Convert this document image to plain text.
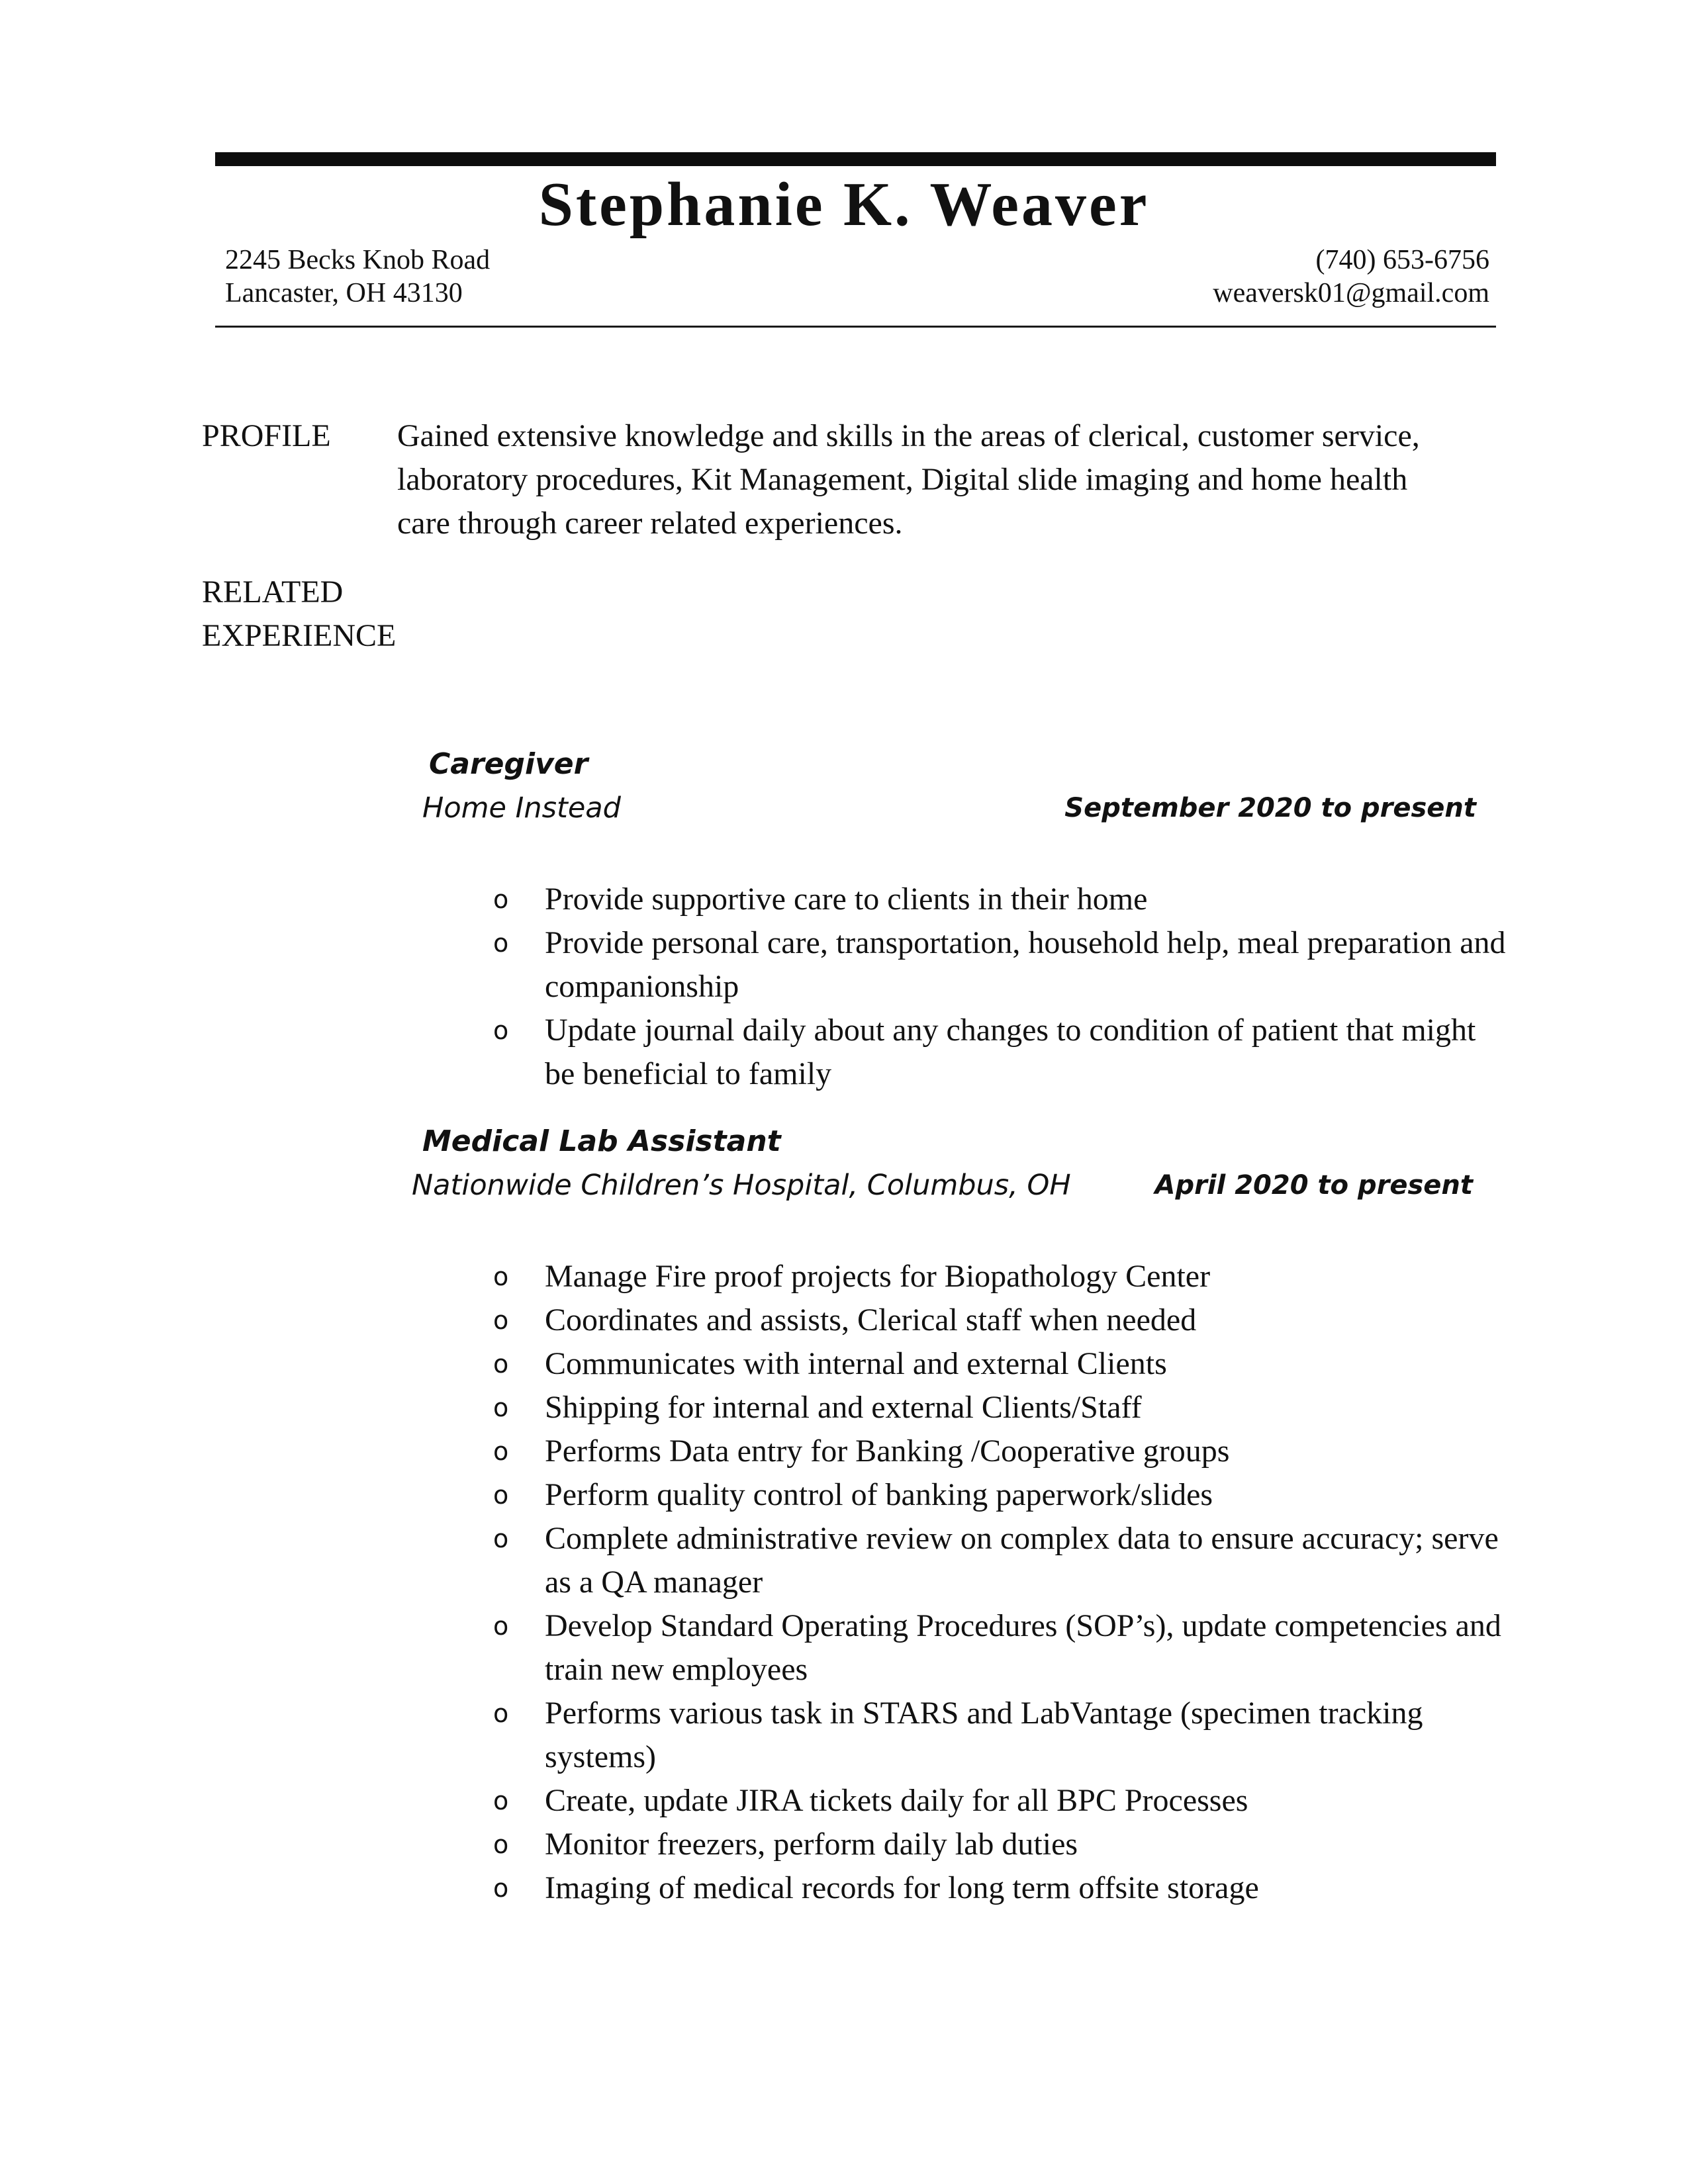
Stephanie K. Weaver
2245 Becks Knob Road
Lancaster, OH 43130
(740) 653-6756
weaversk01@gmail.com
PROFILE Gained extensive knowledge and skills in the areas of clerical, customer service,
laboratory procedures, Kit Management, Digital slide imaging and home health
care through career related experiences.
RELATED
EXPERIENCE
Caregiver
Home Instead	September 2020 to present
o Provide supportive care to clients in their home
o Provide personal care, transportation, household help, meal preparation and companionship
o Update journal daily about any changes to condition of patient that might be beneficial to family
Medical Lab Assistant
Nationwide Children’s Hospital, Columbus, OH	April 2020 to present
o Manage Fire proof projects for Biopathology Center
o Coordinates and assists, Clerical staff when needed
o Communicates with internal and external Clients
o Shipping for internal and external Clients/Staff
o Performs Data entry for Banking /Cooperative groups
o Perform quality control of banking paperwork/slides
o Complete administrative review on complex data to ensure accuracy; serve as a QA manager
o Develop Standard Operating Procedures (SOP’s), update competencies and train new employees
o Performs various task in STARS and LabVantage (specimen tracking systems)
o Create, update JIRA tickets daily for all BPC Processes
o Monitor freezers, perform daily lab duties
o Imaging of medical records for long term offsite storage
